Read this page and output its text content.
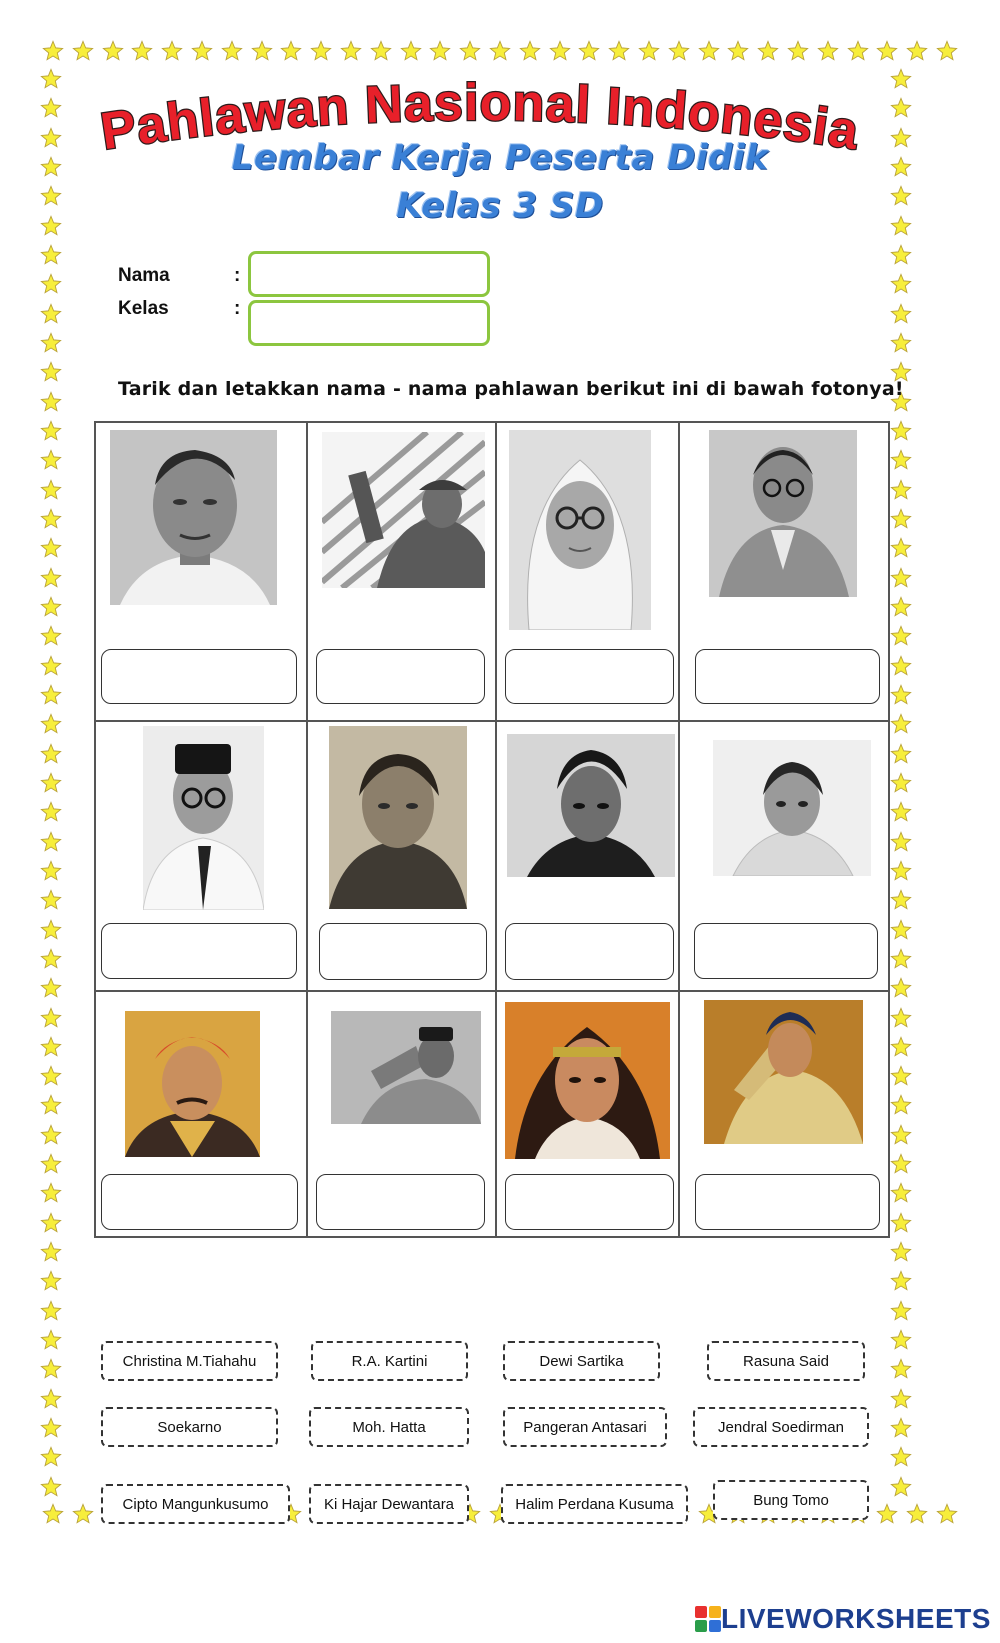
Pahlawan Nasional Indonesia
Lembar Kerja Peserta Didik
Kelas 3 SD
Nama	:
Kelas	:
Tarik dan letakkan nama - nama pahlawan berikut ini di bawah fotonya!
Christina M.Tiahahu	R.A. Kartini	Dewi Sartika	Rasuna Said
Soekarno	Moh. Hatta	Pangeran Antasari	Jendral Soedirman
Cipto Mangunkusumo	Ki Hajar Dewantara	Halim Perdana Kusuma	Bung Tomo
LIVEWORKSHEETS
